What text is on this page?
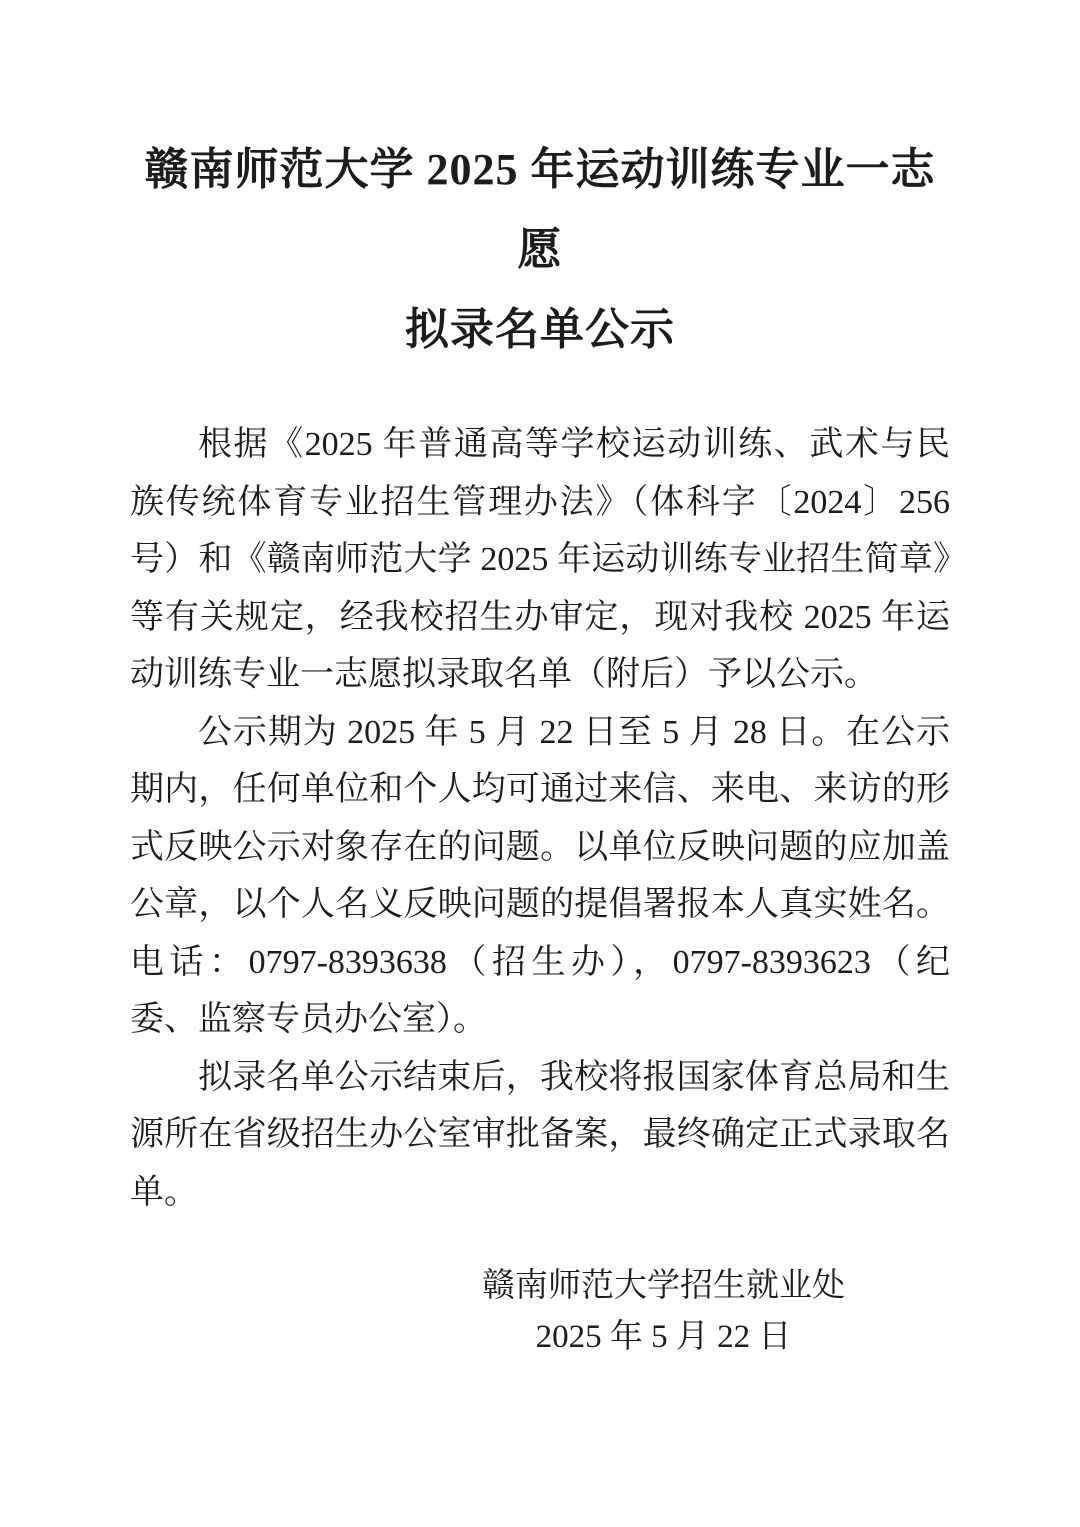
赣南师范大学 2025 年运动训练专业一志愿
拟录名单公示

根据《2025 年普通高等学校运动训练、武术与民族传统体育专业招生管理办法》（体科字〔2024〕256 号）和《赣南师范大学 2025 年运动训练专业招生简章》等有关规定，经我校招生办审定，现对我校 2025 年运动训练专业一志愿拟录取名单（附后）予以公示。

公示期为 2025 年 5 月 22 日至 5 月 28 日。在公示期内，任何单位和个人均可通过来信、来电、来访的形式反映公示对象存在的问题。以单位反映问题的应加盖公章，以个人名义反映问题的提倡署报本人真实姓名。电话：0797-8393638（招生办），0797-8393623（纪委、监察专员办公室）。

拟录名单公示结束后，我校将报国家体育总局和生源所在省级招生办公室审批备案，最终确定正式录取名单。

赣南师范大学招生就业处
2025 年 5 月 22 日
